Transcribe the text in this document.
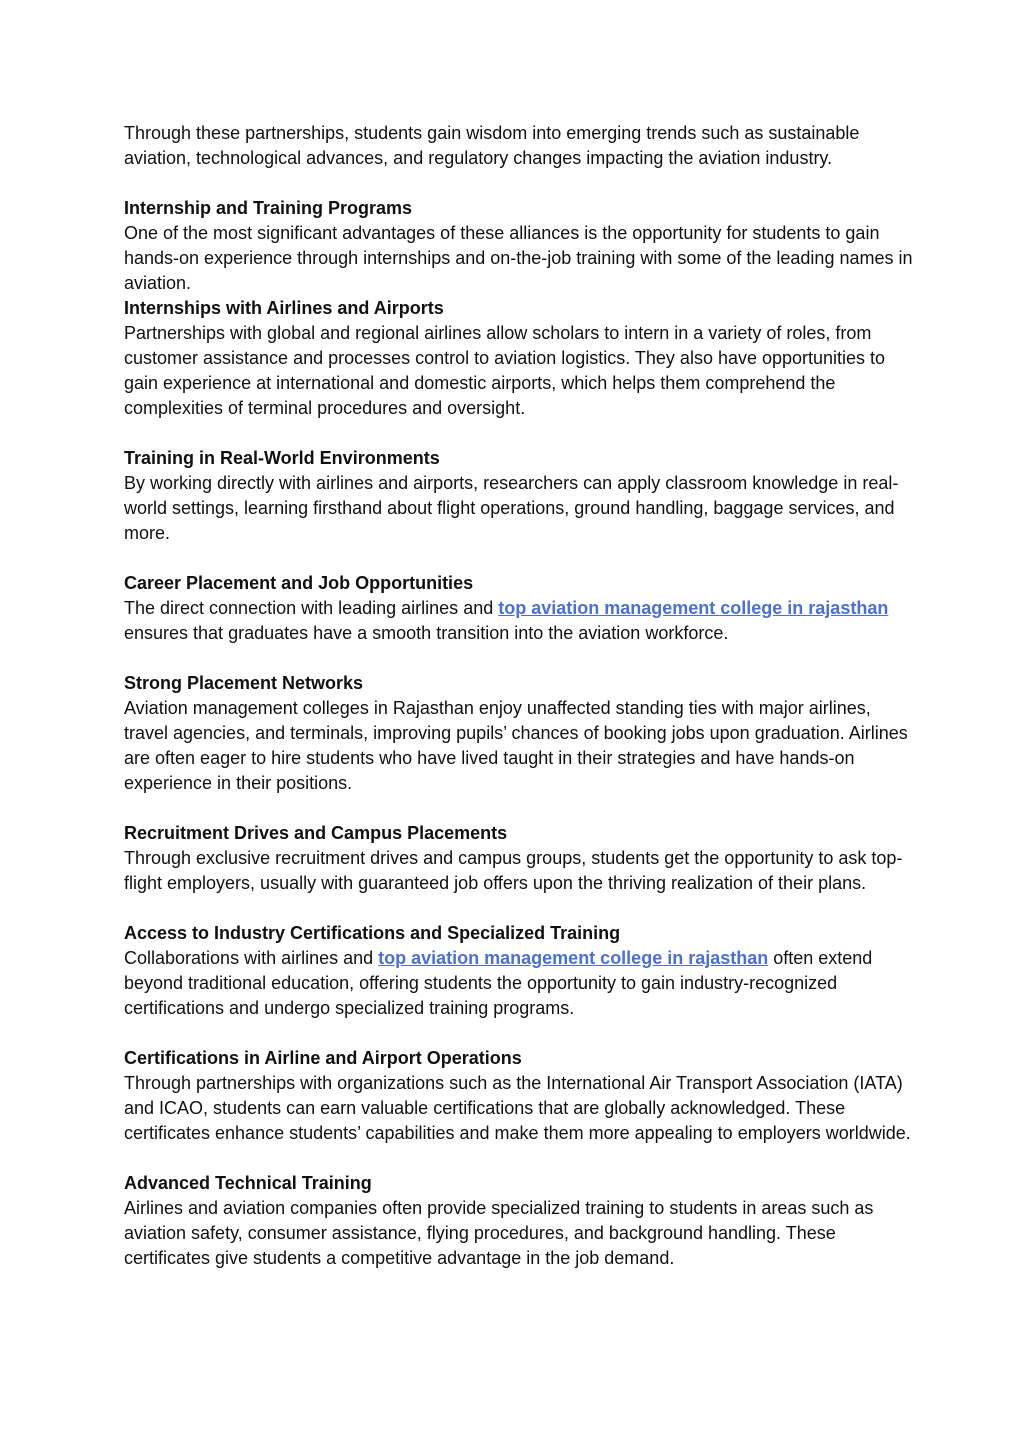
Through these partnerships, students gain wisdom into emerging trends such as sustainable aviation, technological advances, and regulatory changes impacting the aviation industry.

Internship and Training Programs

One of the most significant advantages of these alliances is the opportunity for students to gain hands-on experience through internships and on-the-job training with some of the leading names in aviation.

Internships with Airlines and Airports

Partnerships with global and regional airlines allow scholars to intern in a variety of roles, from customer assistance and processes control to aviation logistics. They also have opportunities to gain experience at international and domestic airports, which helps them comprehend the complexities of terminal procedures and oversight.

Training in Real-World Environments

By working directly with airlines and airports, researchers can apply classroom knowledge in real-world settings, learning firsthand about flight operations, ground handling, baggage services, and more.

Career Placement and Job Opportunities

The direct connection with leading airlines and top aviation management college in rajasthan ensures that graduates have a smooth transition into the aviation workforce.

Strong Placement Networks

Aviation management colleges in Rajasthan enjoy unaffected standing ties with major airlines, travel agencies, and terminals, improving pupils’ chances of booking jobs upon graduation. Airlines are often eager to hire students who have lived taught in their strategies and have hands-on experience in their positions.

Recruitment Drives and Campus Placements

Through exclusive recruitment drives and campus groups, students get the opportunity to ask top-flight employers, usually with guaranteed job offers upon the thriving realization of their plans.

Access to Industry Certifications and Specialized Training

Collaborations with airlines and top aviation management college in rajasthan often extend beyond traditional education, offering students the opportunity to gain industry-recognized certifications and undergo specialized training programs.

Certifications in Airline and Airport Operations

Through partnerships with organizations such as the International Air Transport Association (IATA) and ICAO, students can earn valuable certifications that are globally acknowledged. These certificates enhance students’ capabilities and make them more appealing to employers worldwide.

Advanced Technical Training

Airlines and aviation companies often provide specialized training to students in areas such as aviation safety, consumer assistance, flying procedures, and background handling. These certificates give students a competitive advantage in the job demand.
